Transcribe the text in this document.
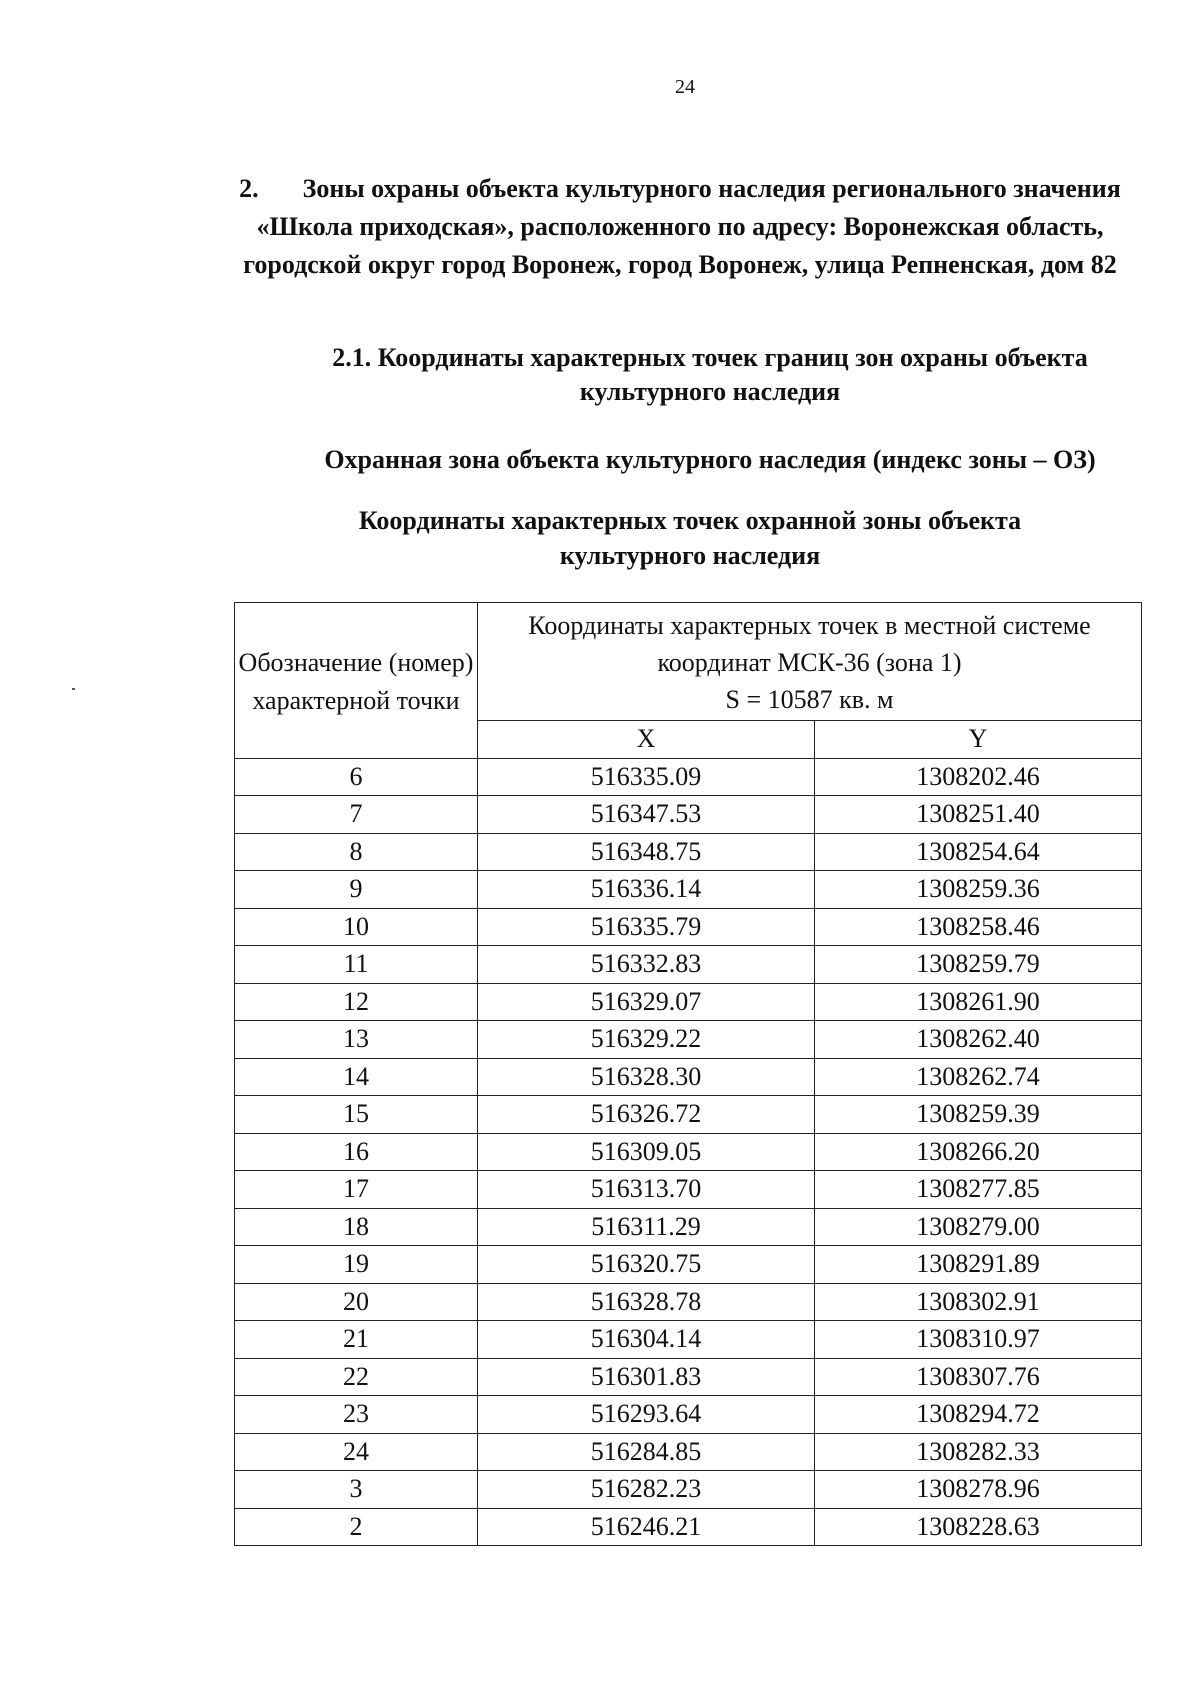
24
2. Зоны охраны объекта культурного наследия регионального значения «Школа приходская», расположенного по адресу: Воронежская область, городской округ город Воронеж, город Воронеж, улица Репненская, дом 82
2.1. Координаты характерных точек границ зон охраны объекта культурного наследия
Охранная зона объекта культурного наследия (индекс зоны – ОЗ)
Координаты характерных точек охранной зоны объекта культурного наследия
Обозначение (номер) характерной точки	Координаты характерных точек в местной системе
координат МСК-36 (зона 1)
S = 10587 кв. м	

	X	Y
6	516335.09	1308202.46
7	516347.53	1308251.40
8	516348.75	1308254.64
9	516336.14	1308259.36
10	516335.79	1308258.46
11	516332.83	1308259.79
12	516329.07	1308261.90
13	516329.22	1308262.40
14	516328.30	1308262.74
15	516326.72	1308259.39
16	516309.05	1308266.20
17	516313.70	1308277.85
18	516311.29	1308279.00
19	516320.75	1308291.89
20	516328.78	1308302.91
21	516304.14	1308310.97
22	516301.83	1308307.76
23	516293.64	1308294.72
24	516284.85	1308282.33
3	516282.23	1308278.96
2	516246.21	1308228.63
